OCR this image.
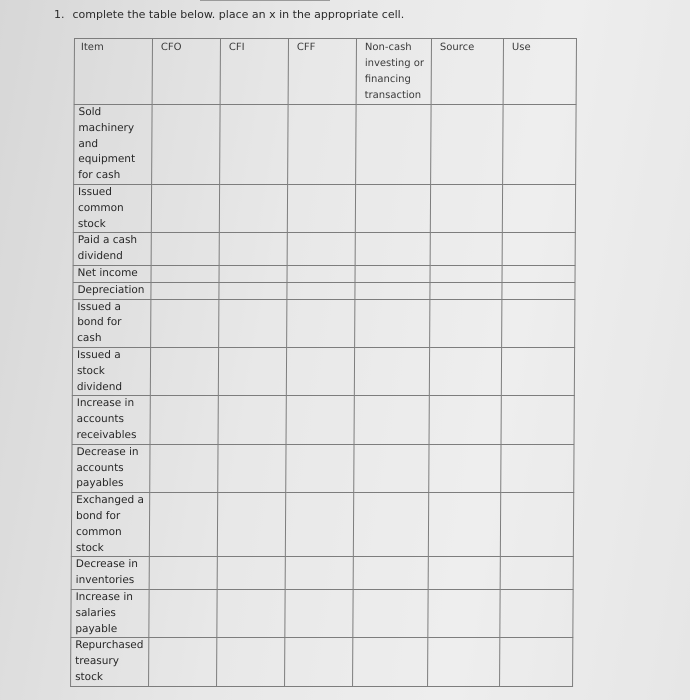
1. complete the table below. place an x in the appropriate cell.
Item	CFO	CFI	CFF	Non-cash investing or financing transaction	Source	Use

Sold machinery and equipment for cash						

Issued common stock						

Paid a cash dividend						

Net income						

Depreciation						

Issued a bond for cash						

Issued a stock dividend						

Increase in accounts receivables						

Decrease in accounts payables						

Exchanged a bond for common stock						

Decrease in inventories						

Increase in salaries payable						

Repurchased treasury stock						
